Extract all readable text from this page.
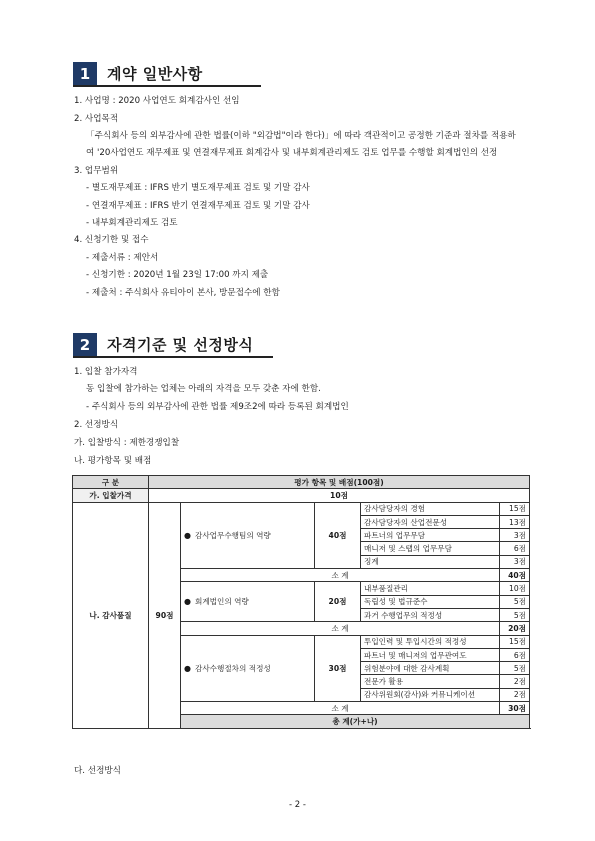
1	계약 일반사항
1. 사업명 : 2020 사업연도 회계감사인 선임
2. 사업목적
「주식회사 등의 외부감사에 관한 법률(이하 "외감법"이라 한다)」에 따라 객관적이고 공정한 기준과 절차를 적용하
여 '20사업연도 재무제표 및 연결재무제표 회계감사 및 내부회계관리제도 검토 업무를 수행할 회계법인의 선정
3. 업무범위
- 별도재무제표 : IFRS 반기 별도재무제표 검토 및 기말 감사
- 연결재무제표 : IFRS 반기 연결재무제표 검토 및 기말 감사
- 내부회계관리제도 검토
4. 신청기한 및 접수
- 제출서류 : 제안서
- 신청기한 : 2020년 1월 23일 17:00 까지 제출
- 제출처 : 주식회사 유티아이 본사, 방문접수에 한함
2	자격기준 및 선정방식
1. 입찰 참가자격
동 입찰에 참가하는 업체는 아래의 자격을 모두 갖춘 자에 한함.
- 주식회사 등의 외부감사에 관한 법률 제9조2에 따라 등록된 회계법인
2. 선정방식
가. 입찰방식 : 제한경쟁입찰
나. 평가항목 및 배점
구 분	평가 항목 및 배점(100점)					
가. 입찰가격	10점					
나. 감사품질	90점	● 감사업무수행팀의 역량	40점	감사담당자의 경험	15점	
				감사담당자의 산업전문성	13점	
				파트너의 업무무담	3점	
				매니저 및 스탭의 업무무담	6점	
				징계	3점	
		소 계			40점	
		● 회계법인의 역량	20점	내부품질관리	10점	
				독립성 및 법규준수	5점	
				과거 수행업무의 적정성	5점	
		소 계			20점	
		● 감사수행절차의 적정성	30점	투입인력 및 투입시간의 적정성	15점	
				파트너 및 매니저의 업무관여도	6점	
				위험분야에 대한 감사계획	5점	
				전문가 활용	2점	
				감사위원회(감사)와 커뮤니케이션	2점	
		소 계			30점	
		총 계(가+나)	
다. 선정방식
- 2 -
